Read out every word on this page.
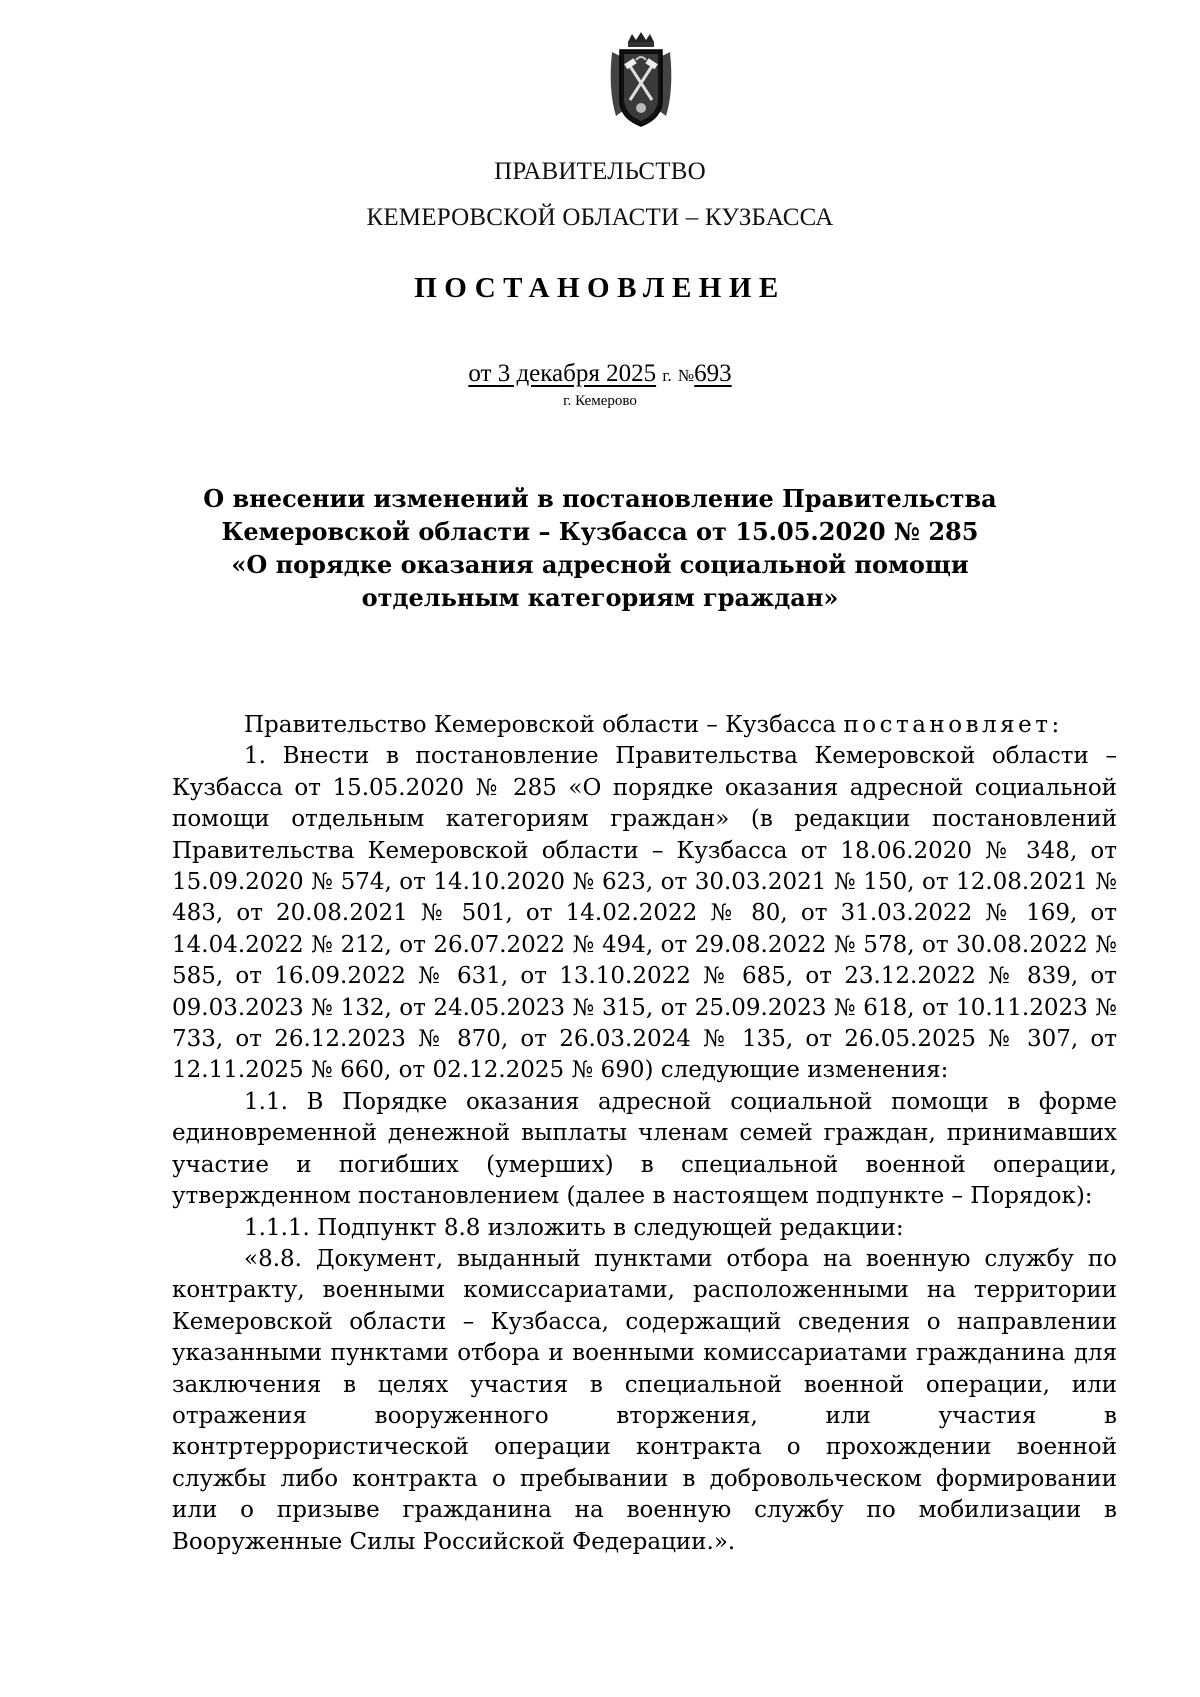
ПРАВИТЕЛЬСТВО
КЕМЕРОВСКОЙ ОБЛАСТИ – КУЗБАССА
ПОСТАНОВЛЕНИЕ
от 3 декабря 2025 г. №693
г. Кемерово
О внесении изменений в постановление Правительства Кемеровской области – Кузбасса от 15.05.2020 № 285 «О порядке оказания адресной социальной помощи отдельным категориям граждан»

Правительство Кемеровской области – Кузбасса постановляет:

1. Внести в постановление Правительства Кемеровской области – Кузбасса от 15.05.2020 № 285 «О порядке оказания адресной социальной помощи отдельным категориям граждан» (в редакции постановлений Правительства Кемеровской области – Кузбасса от 18.06.2020 № 348, от 15.09.2020 № 574, от 14.10.2020 № 623, от 30.03.2021 № 150, от 12.08.2021 № 483, от 20.08.2021 № 501, от 14.02.2022 № 80, от 31.03.2022 № 169, от 14.04.2022 № 212, от 26.07.2022 № 494, от 29.08.2022 № 578, от 30.08.2022 № 585, от 16.09.2022 № 631, от 13.10.2022 № 685, от 23.12.2022 № 839, от 09.03.2023 № 132, от 24.05.2023 № 315, от 25.09.2023 № 618, от 10.11.2023 № 733, от 26.12.2023 № 870, от 26.03.2024 № 135, от 26.05.2025 № 307, от 12.11.2025 № 660, от 02.12.2025 № 690) следующие изменения:

1.1. В Порядке оказания адресной социальной помощи в форме единовременной денежной выплаты членам семей граждан, принимавших участие и погибших (умерших) в специальной военной операции, утвержденном постановлением (далее в настоящем подпункте – Порядок):

1.1.1. Подпункт 8.8 изложить в следующей редакции:

«8.8. Документ, выданный пунктами отбора на военную службу по контракту, военными комиссариатами, расположенными на территории Кемеровской области – Кузбасса, содержащий сведения о направлении указанными пунктами отбора и военными комиссариатами гражданина для заключения в целях участия в специальной военной операции, или отражения вооруженного вторжения, или участия в контртеррористической операции контракта о прохождении военной службы либо контракта о пребывании в добровольческом формировании или о призыве гражданина на военную службу по мобилизации в Вооруженные Силы Российской Федерации.».
